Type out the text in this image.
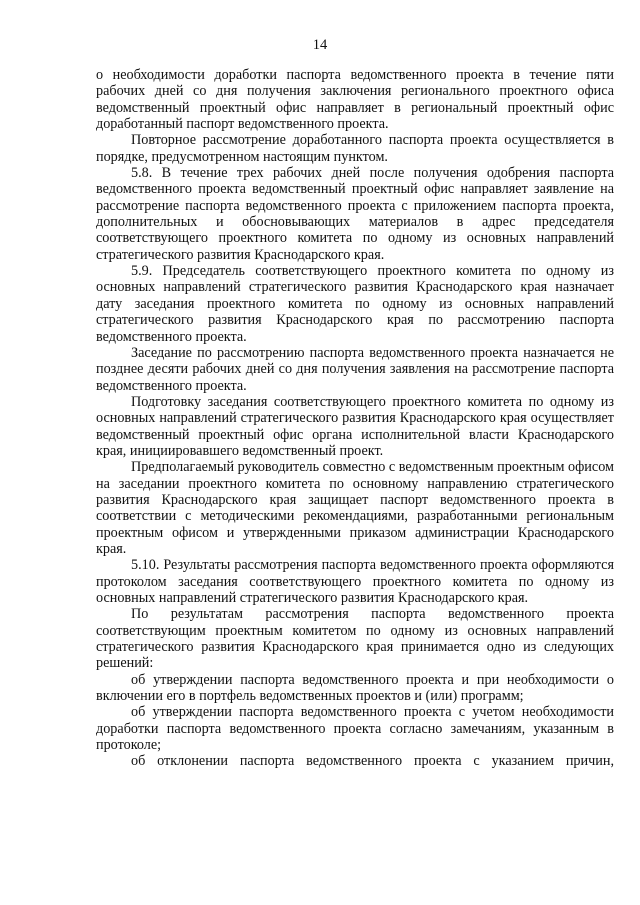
14

о необходимости доработки паспорта ведомственного проекта в течение пяти рабочих дней со дня получения заключения регионального проектного офиса ведомственный проектный офис направляет в региональный проектный офис доработанный паспорт ведомственного проекта.

Повторное рассмотрение доработанного паспорта проекта осуществляется в порядке, предусмотренном настоящим пунктом.

5.8. В течение трех рабочих дней после получения одобрения паспорта ведомственного проекта ведомственный проектный офис направляет заявление на рассмотрение паспорта ведомственного проекта с приложением паспорта проекта, дополнительных и обосновывающих материалов в адрес председателя соответствующего проектного комитета по одному из основных направлений стратегического развития Краснодарского края.

5.9. Председатель соответствующего проектного комитета по одному из основных направлений стратегического развития Краснодарского края назначает дату заседания проектного комитета по одному из основных направлений стратегического развития Краснодарского края по рассмотрению паспорта ведомственного проекта.

Заседание по рассмотрению паспорта ведомственного проекта назначается не позднее десяти рабочих дней со дня получения заявления на рассмотрение паспорта ведомственного проекта.

Подготовку заседания соответствующего проектного комитета по одному из основных направлений стратегического развития Краснодарского края осуществляет ведомственный проектный офис органа исполнительной власти Краснодарского края, инициировавшего ведомственный проект.

Предполагаемый руководитель совместно с ведомственным проектным офисом на заседании проектного комитета по основному направлению стратегического развития Краснодарского края защищает паспорт ведомственного проекта в соответствии с методическими рекомендациями, разработанными региональным проектным офисом и утвержденными приказом администрации Краснодарского края.

5.10. Результаты рассмотрения паспорта ведомственного проекта оформляются протоколом заседания соответствующего проектного комитета по одному из основных направлений стратегического развития Краснодарского края.

По результатам рассмотрения паспорта ведомственного проекта соответствующим проектным комитетом по одному из основных направлений стратегического развития Краснодарского края принимается одно из следующих решений:

об утверждении паспорта ведомственного проекта и при необходимости о включении его в портфель ведомственных проектов и (или) программ;

об утверждении паспорта ведомственного проекта с учетом необходимости доработки паспорта ведомственного проекта согласно замечаниям, указанным в протоколе;

об отклонении паспорта ведомственного проекта с указанием причин,
